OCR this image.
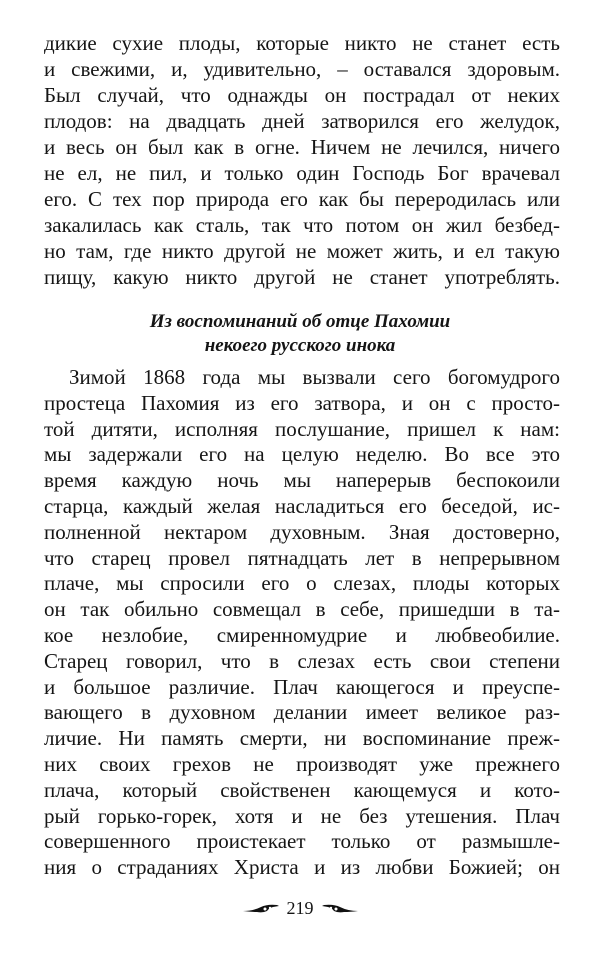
дикие сухие плоды, которые никто не станет есть
и свежими, и, удивительно, – оставался здоровым.
Был случай, что однажды он пострадал от неких
плодов: на двадцать дней затворился его желудок,
и весь он был как в огне. Ничем не лечился, ничего
не ел, не пил, и только один Господь Бог врачевал
его. С тех пор природа его как бы переродилась или
закалилась как сталь, так что потом он жил безбед-
но там, где никто другой не может жить, и ел такую
пищу, какую никто другой не станет употреблять.
Из воспоминаний об отце Пахомии
некоего русского инока
Зимой 1868 года мы вызвали сего богомудрого
простеца Пахомия из его затвора, и он с просто-
той дитяти, исполняя послушание, пришел к нам:
мы задержали его на целую неделю. Во все это
время каждую ночь мы наперерыв беспокоили
старца, каждый желая насладиться его беседой, ис-
полненной нектаром духовным. Зная достоверно,
что старец провел пятнадцать лет в непрерывном
плаче, мы спросили его о слезах, плоды которых
он так обильно совмещал в себе, пришедши в та-
кое незлобие, смиренномудрие и любвеобилие.
Старец говорил, что в слезах есть свои степени
и большое различие. Плач кающегося и преуспе-
вающего в духовном делании имеет великое раз-
личие. Ни память смерти, ни воспоминание преж-
них своих грехов не производят уже прежнего
плача, который свойственен кающемуся и кото-
рый горько-горек, хотя и не без утешения. Плач
совершенного проистекает только от размышле-
ния о страданиях Христа и из любви Божией; он
219
